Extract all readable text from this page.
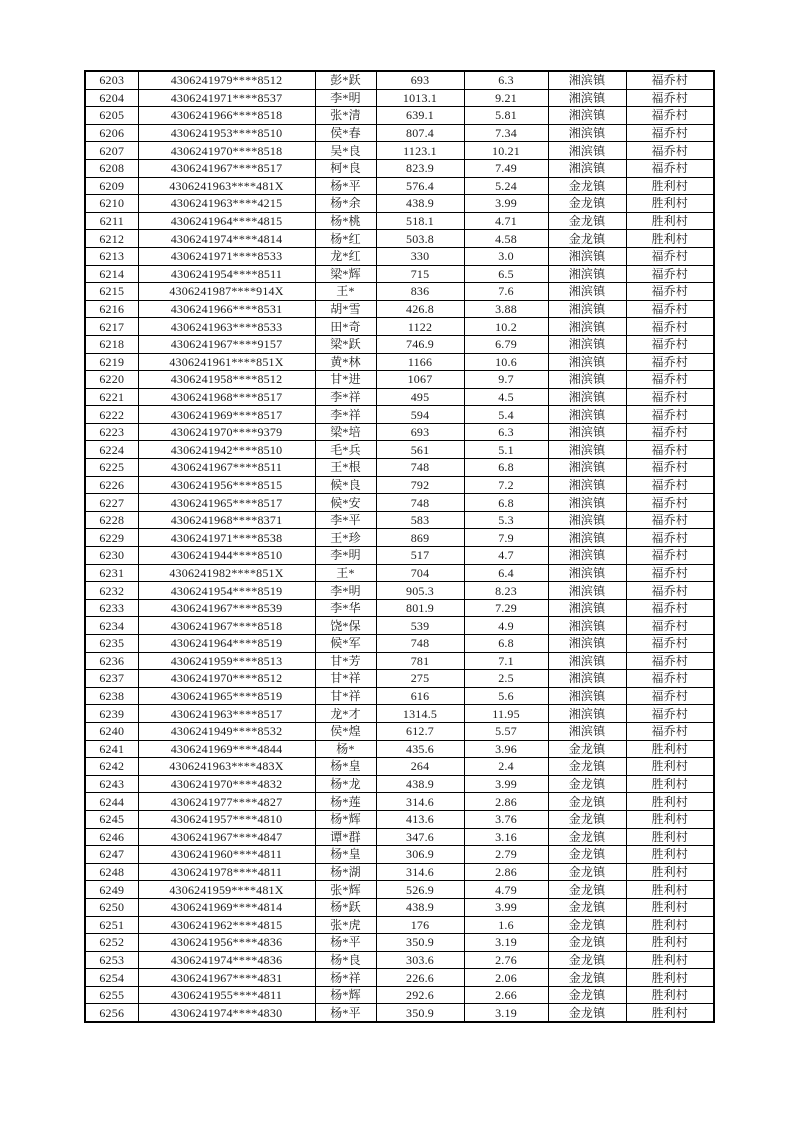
6203	4306241979****8512	彭*跃	693	6.3	湘滨镇	福乔村
6204	4306241971****8537	李*明	1013.1	9.21	湘滨镇	福乔村
6205	4306241966****8518	张*清	639.1	5.81	湘滨镇	福乔村
6206	4306241953****8510	侯*春	807.4	7.34	湘滨镇	福乔村
6207	4306241970****8518	吴*良	1123.1	10.21	湘滨镇	福乔村
6208	4306241967****8517	柯*良	823.9	7.49	湘滨镇	福乔村
6209	4306241963****481X	杨*平	576.4	5.24	金龙镇	胜利村
6210	4306241963****4215	杨*余	438.9	3.99	金龙镇	胜利村
6211	4306241964****4815	杨*桃	518.1	4.71	金龙镇	胜利村
6212	4306241974****4814	杨*红	503.8	4.58	金龙镇	胜利村
6213	4306241971****8533	龙*红	330	3.0	湘滨镇	福乔村
6214	4306241954****8511	梁*辉	715	6.5	湘滨镇	福乔村
6215	4306241987****914X	王*	836	7.6	湘滨镇	福乔村
6216	4306241966****8531	胡*雪	426.8	3.88	湘滨镇	福乔村
6217	4306241963****8533	田*奇	1122	10.2	湘滨镇	福乔村
6218	4306241967****9157	梁*跃	746.9	6.79	湘滨镇	福乔村
6219	4306241961****851X	黄*林	1166	10.6	湘滨镇	福乔村
6220	4306241958****8512	甘*进	1067	9.7	湘滨镇	福乔村
6221	4306241968****8517	李*祥	495	4.5	湘滨镇	福乔村
6222	4306241969****8517	李*祥	594	5.4	湘滨镇	福乔村
6223	4306241970****9379	梁*培	693	6.3	湘滨镇	福乔村
6224	4306241942****8510	毛*兵	561	5.1	湘滨镇	福乔村
6225	4306241967****8511	王*根	748	6.8	湘滨镇	福乔村
6226	4306241956****8515	候*良	792	7.2	湘滨镇	福乔村
6227	4306241965****8517	候*安	748	6.8	湘滨镇	福乔村
6228	4306241968****8371	李*平	583	5.3	湘滨镇	福乔村
6229	4306241971****8538	王*珍	869	7.9	湘滨镇	福乔村
6230	4306241944****8510	李*明	517	4.7	湘滨镇	福乔村
6231	4306241982****851X	王*	704	6.4	湘滨镇	福乔村
6232	4306241954****8519	李*明	905.3	8.23	湘滨镇	福乔村
6233	4306241967****8539	李*华	801.9	7.29	湘滨镇	福乔村
6234	4306241967****8518	饶*保	539	4.9	湘滨镇	福乔村
6235	4306241964****8519	候*军	748	6.8	湘滨镇	福乔村
6236	4306241959****8513	甘*芳	781	7.1	湘滨镇	福乔村
6237	4306241970****8512	甘*祥	275	2.5	湘滨镇	福乔村
6238	4306241965****8519	甘*祥	616	5.6	湘滨镇	福乔村
6239	4306241963****8517	龙*才	1314.5	11.95	湘滨镇	福乔村
6240	4306241949****8532	侯*煌	612.7	5.57	湘滨镇	福乔村
6241	4306241969****4844	杨*	435.6	3.96	金龙镇	胜利村
6242	4306241963****483X	杨*皇	264	2.4	金龙镇	胜利村
6243	4306241970****4832	杨*龙	438.9	3.99	金龙镇	胜利村
6244	4306241977****4827	杨*莲	314.6	2.86	金龙镇	胜利村
6245	4306241957****4810	杨*辉	413.6	3.76	金龙镇	胜利村
6246	4306241967****4847	谭*群	347.6	3.16	金龙镇	胜利村
6247	4306241960****4811	杨*皇	306.9	2.79	金龙镇	胜利村
6248	4306241978****4811	杨*湖	314.6	2.86	金龙镇	胜利村
6249	4306241959****481X	张*辉	526.9	4.79	金龙镇	胜利村
6250	4306241969****4814	杨*跃	438.9	3.99	金龙镇	胜利村
6251	4306241962****4815	张*虎	176	1.6	金龙镇	胜利村
6252	4306241956****4836	杨*平	350.9	3.19	金龙镇	胜利村
6253	4306241974****4836	杨*良	303.6	2.76	金龙镇	胜利村
6254	4306241967****4831	杨*祥	226.6	2.06	金龙镇	胜利村
6255	4306241955****4811	杨*辉	292.6	2.66	金龙镇	胜利村
6256	4306241974****4830	杨*平	350.9	3.19	金龙镇	胜利村
